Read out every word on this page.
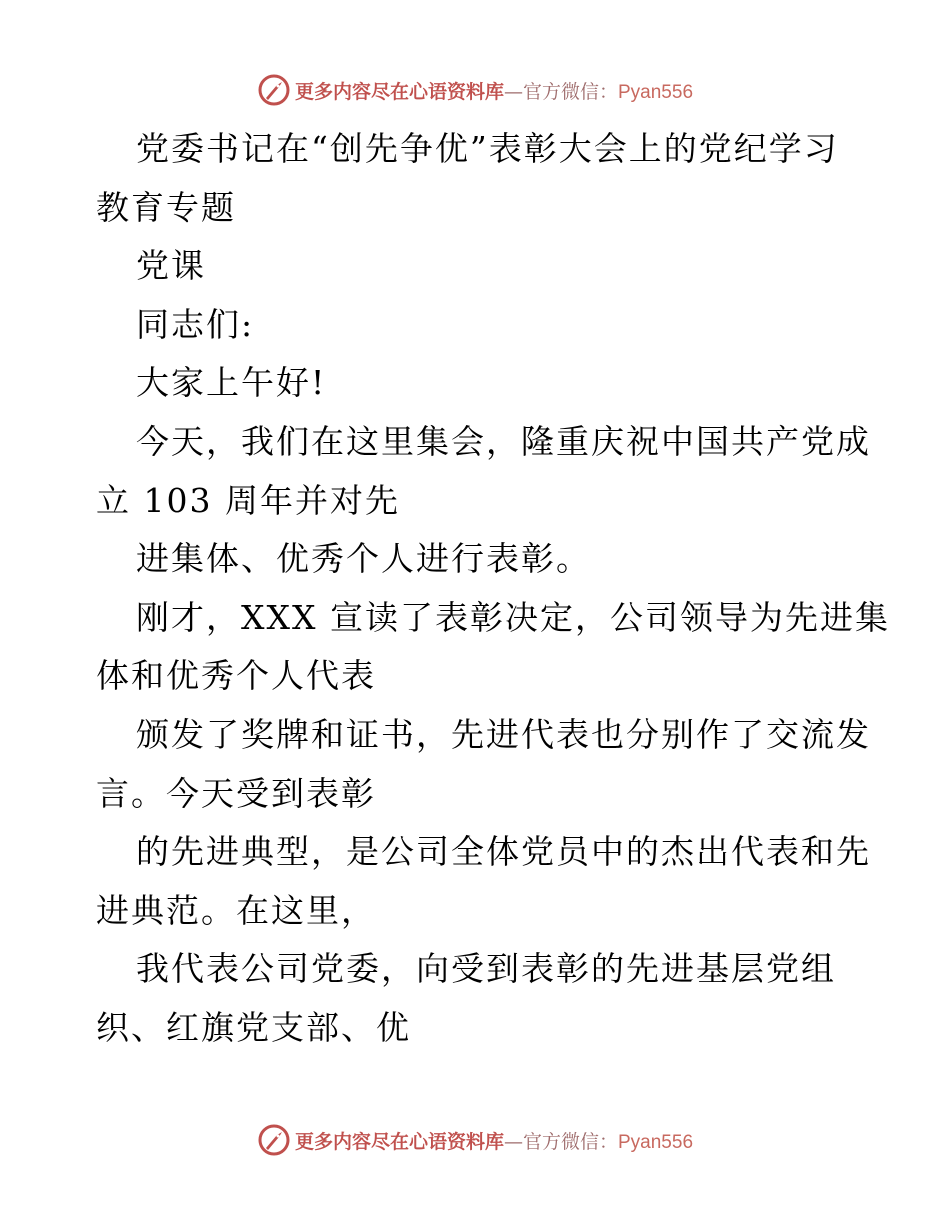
更多内容尽在心语资料库—官方微信：Pyan556
党委书记在“创先争优”表彰大会上的党纪学习
教育专题
党课
同志们:
大家上午好!
今天，我们在这里集会，隆重庆祝中国共产党成
立 103 周年并对先
进集体、优秀个人进行表彰。
刚才，XXX 宣读了表彰决定，公司领导为先进集
体和优秀个人代表
颁发了奖牌和证书，先进代表也分别作了交流发
言。今天受到表彰
的先进典型，是公司全体党员中的杰出代表和先
进典范。在这里，
我代表公司党委，向受到表彰的先进基层党组
织、红旗党支部、优
更多内容尽在心语资料库—官方微信：Pyan556
